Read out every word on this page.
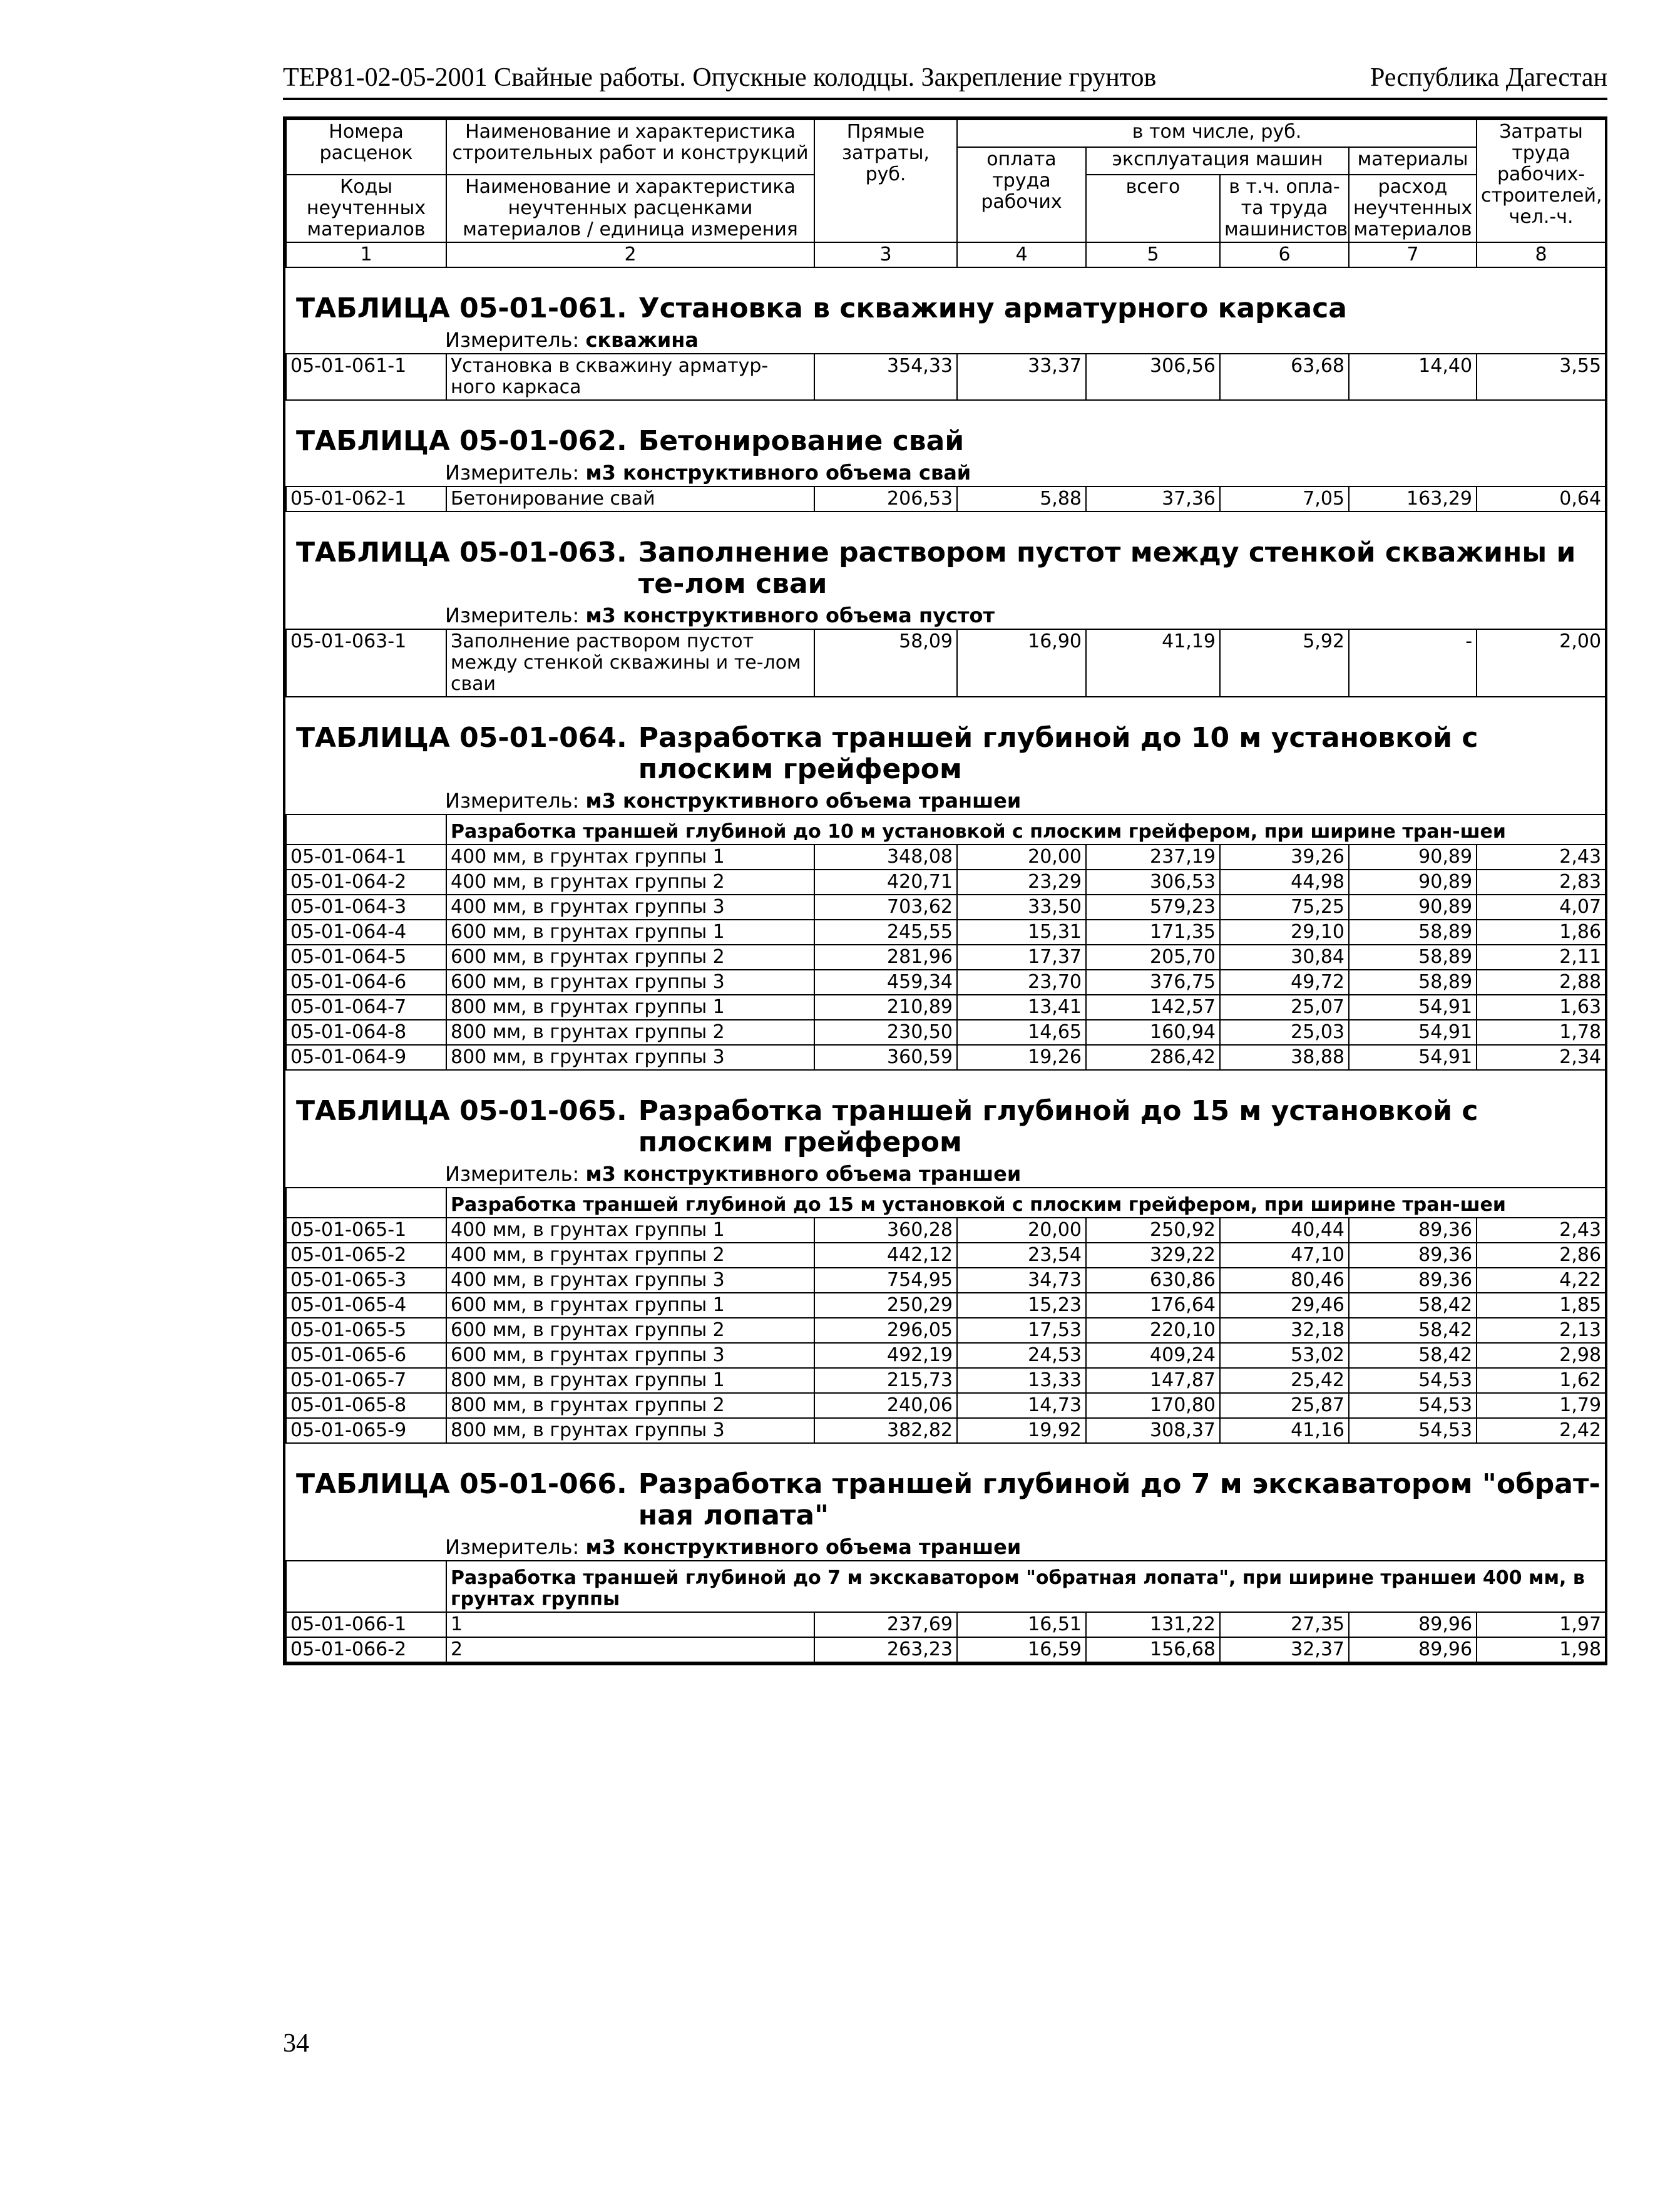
ТЕР81-02-05-2001 Свайные работы. Опускные колодцы. Закрепление грунтов	Республика Дагестан
Номера расценок	Наименование и характеристика строительных работ и конструкций	Прямые затраты, руб.	в том числе, руб.				Затраты труда рабочих-строителей, чел.-ч.
			оплата труда рабочих	эксплуатация машин		материалы	
Коды неучтенных материалов	Наименование и характеристика неучтенных расценками материалов / единица измерения			всего	в т.ч. опла-та труда машинистов	расход неучтенных материалов	

1	2	3	4	5	6	7	8

ТАБЛИЦА 05-01-061. Установка в скважину арматурного каркаса
Измеритель: скважина							

05-01-061-1	Установка в скважину арматур-ного каркаса	354,33	33,37	306,56	63,68	14,40	3,55

ТАБЛИЦА 05-01-062. Бетонирование свай
Измеритель: м3 конструктивного объема свай							

05-01-062-1	Бетонирование свай	206,53	5,88	37,36	7,05	163,29	0,64

ТАБЛИЦА 05-01-063. Заполнение раствором пустот между стенкой скважины и те-лом сваи
Измеритель: м3 конструктивного объема пустот							

05-01-063-1	Заполнение раствором пустот между стенкой скважины и те-лом сваи	58,09	16,90	41,19	5,92	-	2,00

ТАБЛИЦА 05-01-064. Разработка траншей глубиной до 10 м установкой с плоским грейфером
Измеритель: м3 конструктивного объема траншеи							

	Разработка траншей глубиной до 10 м установкой с плоским грейфером, при ширине тран-шеи						
05-01-064-1	400 мм, в грунтах группы 1	348,08	20,00	237,19	39,26	90,89	2,43
05-01-064-2	400 мм, в грунтах группы 2	420,71	23,29	306,53	44,98	90,89	2,83
05-01-064-3	400 мм, в грунтах группы 3	703,62	33,50	579,23	75,25	90,89	4,07
05-01-064-4	600 мм, в грунтах группы 1	245,55	15,31	171,35	29,10	58,89	1,86
05-01-064-5	600 мм, в грунтах группы 2	281,96	17,37	205,70	30,84	58,89	2,11
05-01-064-6	600 мм, в грунтах группы 3	459,34	23,70	376,75	49,72	58,89	2,88
05-01-064-7	800 мм, в грунтах группы 1	210,89	13,41	142,57	25,07	54,91	1,63
05-01-064-8	800 мм, в грунтах группы 2	230,50	14,65	160,94	25,03	54,91	1,78
05-01-064-9	800 мм, в грунтах группы 3	360,59	19,26	286,42	38,88	54,91	2,34

ТАБЛИЦА 05-01-065. Разработка траншей глубиной до 15 м установкой с плоским грейфером
Измеритель: м3 конструктивного объема траншеи							

	Разработка траншей глубиной до 15 м установкой с плоским грейфером, при ширине тран-шеи						
05-01-065-1	400 мм, в грунтах группы 1	360,28	20,00	250,92	40,44	89,36	2,43
05-01-065-2	400 мм, в грунтах группы 2	442,12	23,54	329,22	47,10	89,36	2,86
05-01-065-3	400 мм, в грунтах группы 3	754,95	34,73	630,86	80,46	89,36	4,22
05-01-065-4	600 мм, в грунтах группы 1	250,29	15,23	176,64	29,46	58,42	1,85
05-01-065-5	600 мм, в грунтах группы 2	296,05	17,53	220,10	32,18	58,42	2,13
05-01-065-6	600 мм, в грунтах группы 3	492,19	24,53	409,24	53,02	58,42	2,98
05-01-065-7	800 мм, в грунтах группы 1	215,73	13,33	147,87	25,42	54,53	1,62
05-01-065-8	800 мм, в грунтах группы 2	240,06	14,73	170,80	25,87	54,53	1,79
05-01-065-9	800 мм, в грунтах группы 3	382,82	19,92	308,37	41,16	54,53	2,42

ТАБЛИЦА 05-01-066. Разработка траншей глубиной до 7 м экскаватором "обрат-ная лопата"
Измеритель: м3 конструктивного объема траншеи							

	Разработка траншей глубиной до 7 м экскаватором "обратная лопата", при ширине траншеи 400 мм, в грунтах группы						
05-01-066-1	1	237,69	16,51	131,22	27,35	89,96	1,97
05-01-066-2	2	263,23	16,59	156,68	32,37	89,96	1,98
34
